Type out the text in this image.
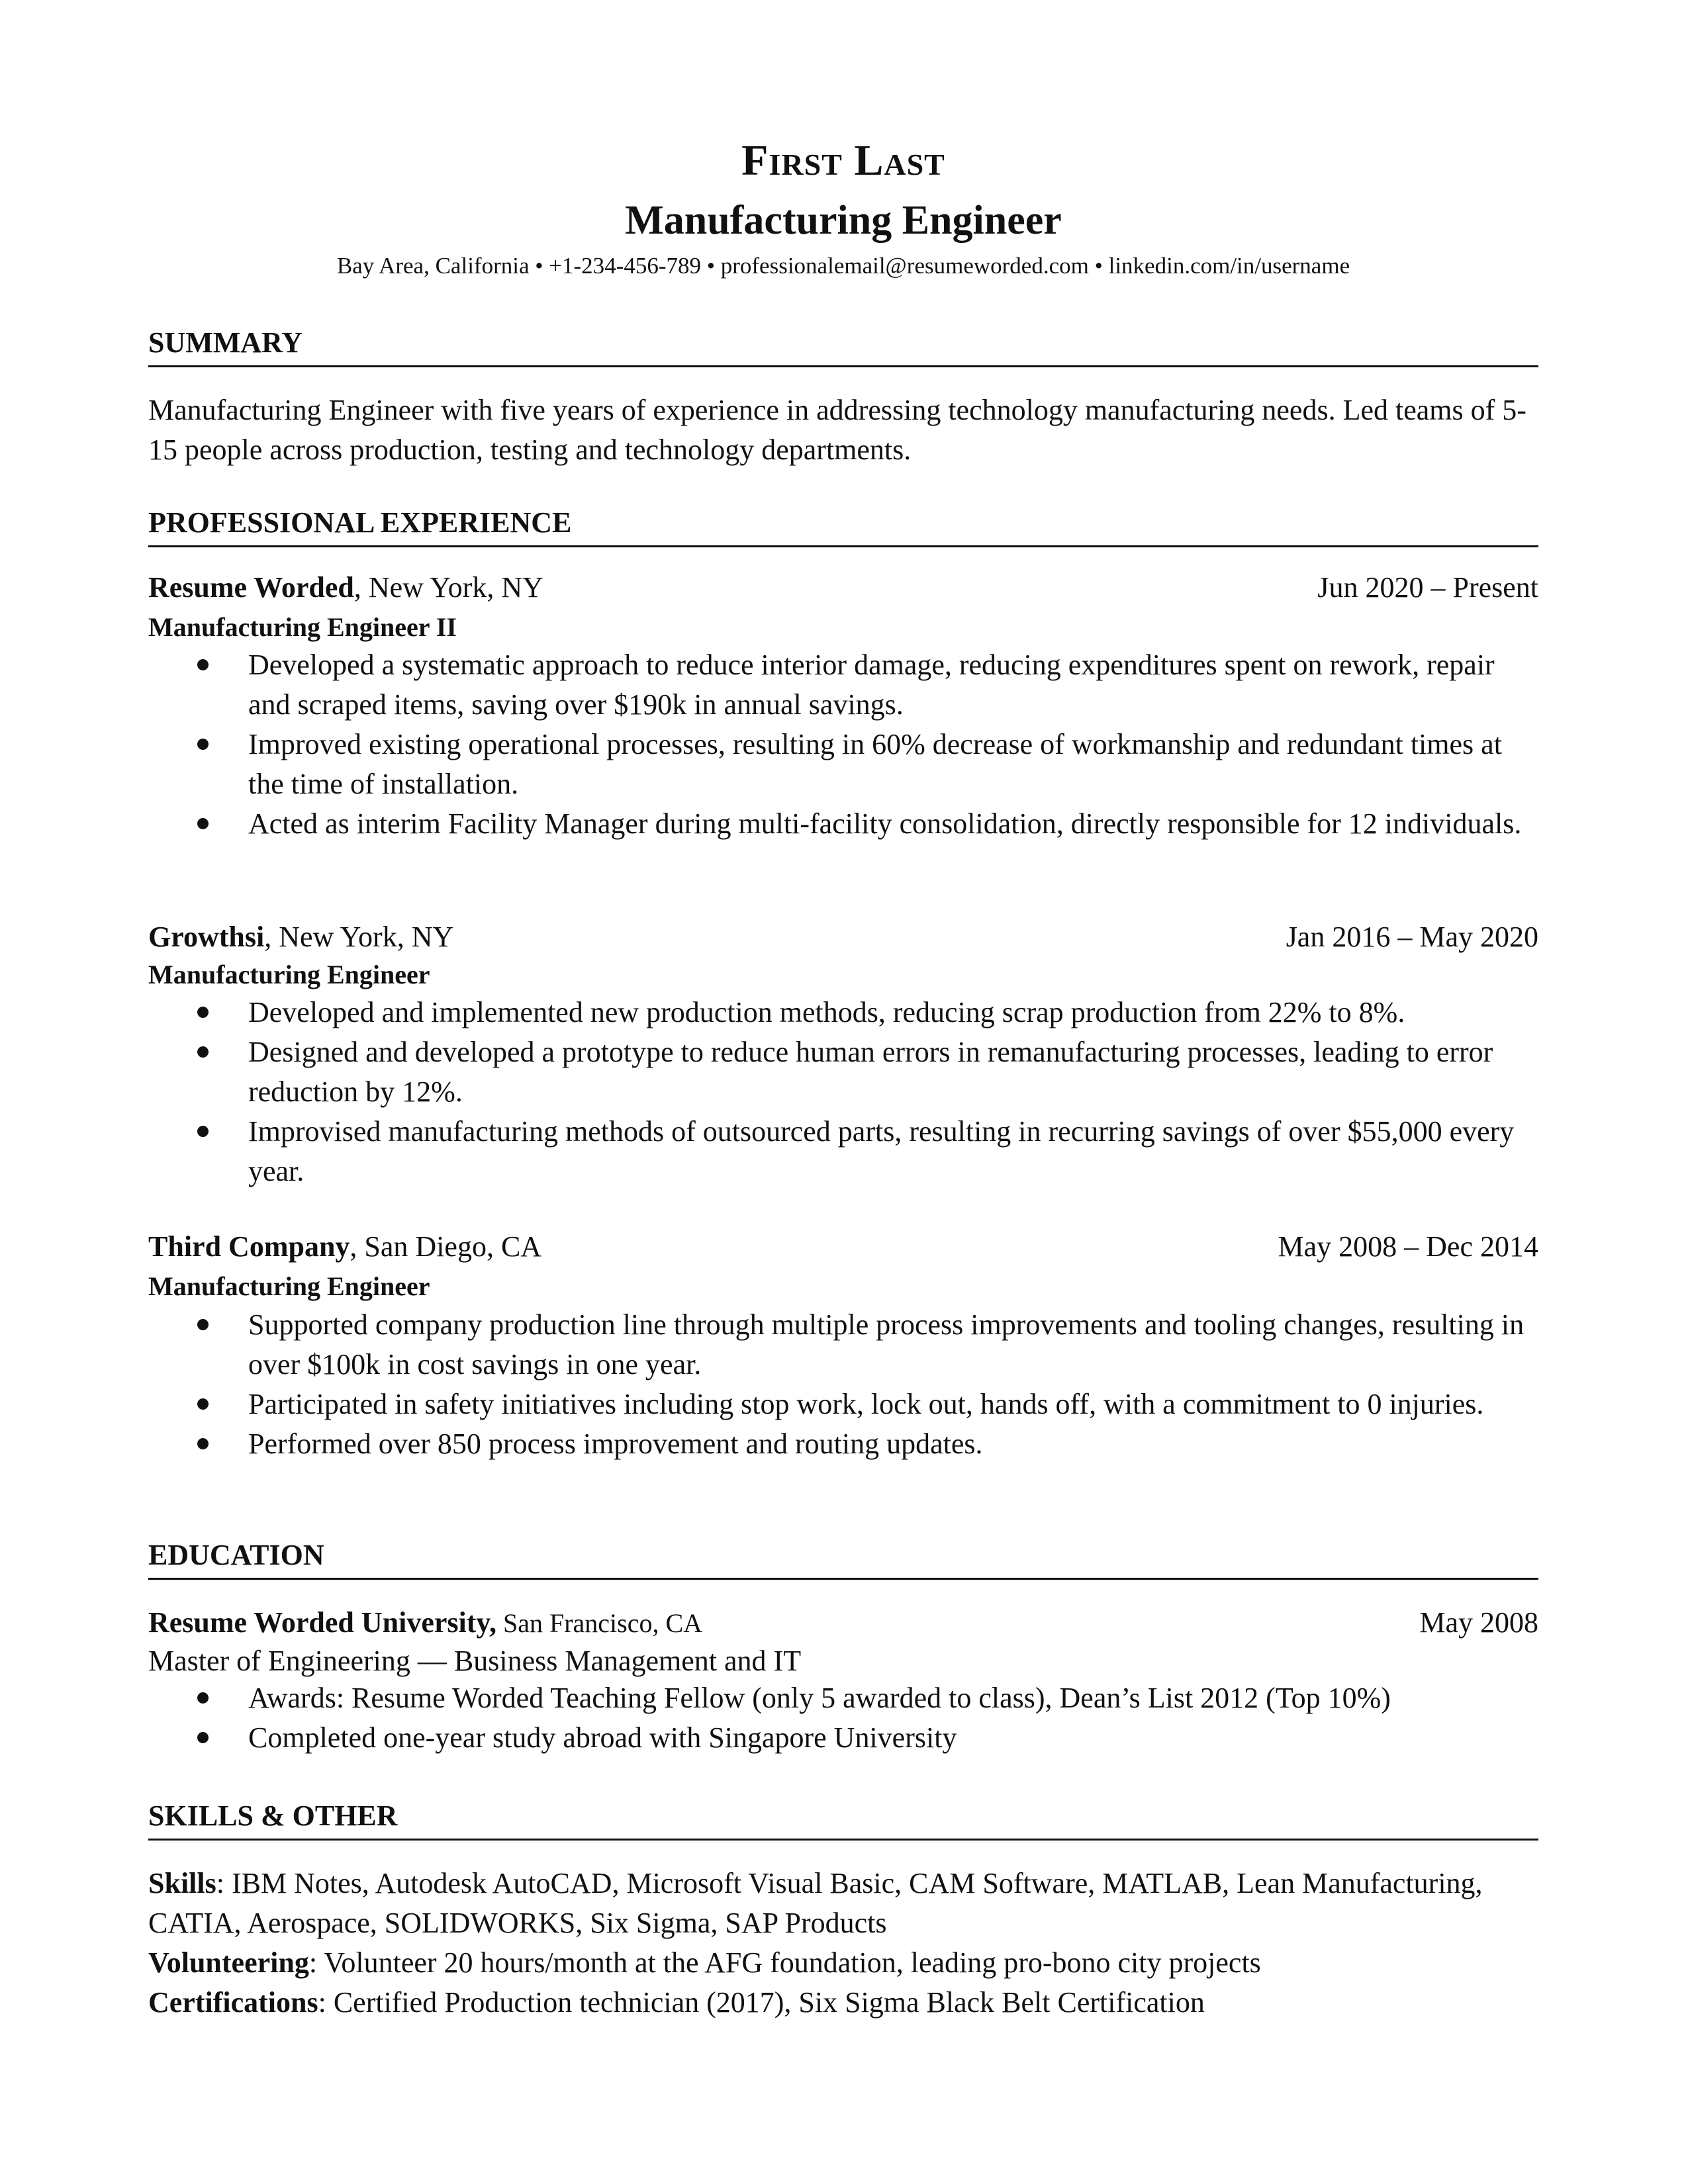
First Last
Manufacturing Engineer
Bay Area, California • +1-234-456-789 • professionalemail@resumeworded.com • linkedin.com/in/username
SUMMARY
Manufacturing Engineer with five years of experience in addressing technology manufacturing needs. Led teams of 5-15 people across production, testing and technology departments.
PROFESSIONAL EXPERIENCE
Resume Worded, New York, NY	Jun 2020 – Present
Manufacturing Engineer II
Developed a systematic approach to reduce interior damage, reducing expenditures spent on rework, repair and scraped items, saving over $190k in annual savings.
Improved existing operational processes, resulting in 60% decrease of workmanship and redundant times at the time of installation.
Acted as interim Facility Manager during multi-facility consolidation, directly responsible for 12 individuals.
Growthsi, New York, NY	Jan 2016 – May 2020
Manufacturing Engineer
Developed and implemented new production methods, reducing scrap production from 22% to 8%.
Designed and developed a prototype to reduce human errors in remanufacturing processes, leading to error reduction by 12%.
Improvised manufacturing methods of outsourced parts, resulting in recurring savings of over $55,000 every year.
Third Company, San Diego, CA	May 2008 – Dec 2014
Manufacturing Engineer
Supported company production line through multiple process improvements and tooling changes, resulting in over $100k in cost savings in one year.
Participated in safety initiatives including stop work, lock out, hands off, with a commitment to 0 injuries.
Performed over 850 process improvement and routing updates.
EDUCATION
Resume Worded University, San Francisco, CA	May 2008
Master of Engineering — Business Management and IT
Awards: Resume Worded Teaching Fellow (only 5 awarded to class), Dean’s List 2012 (Top 10%)
Completed one-year study abroad with Singapore University
SKILLS & OTHER

Skills: IBM Notes, Autodesk AutoCAD, Microsoft Visual Basic, CAM Software, MATLAB, Lean Manufacturing, CATIA, Aerospace, SOLIDWORKS, Six Sigma, SAP Products

Volunteering: Volunteer 20 hours/month at the AFG foundation, leading pro-bono city projects

Certifications: Certified Production technician (2017), Six Sigma Black Belt Certification
